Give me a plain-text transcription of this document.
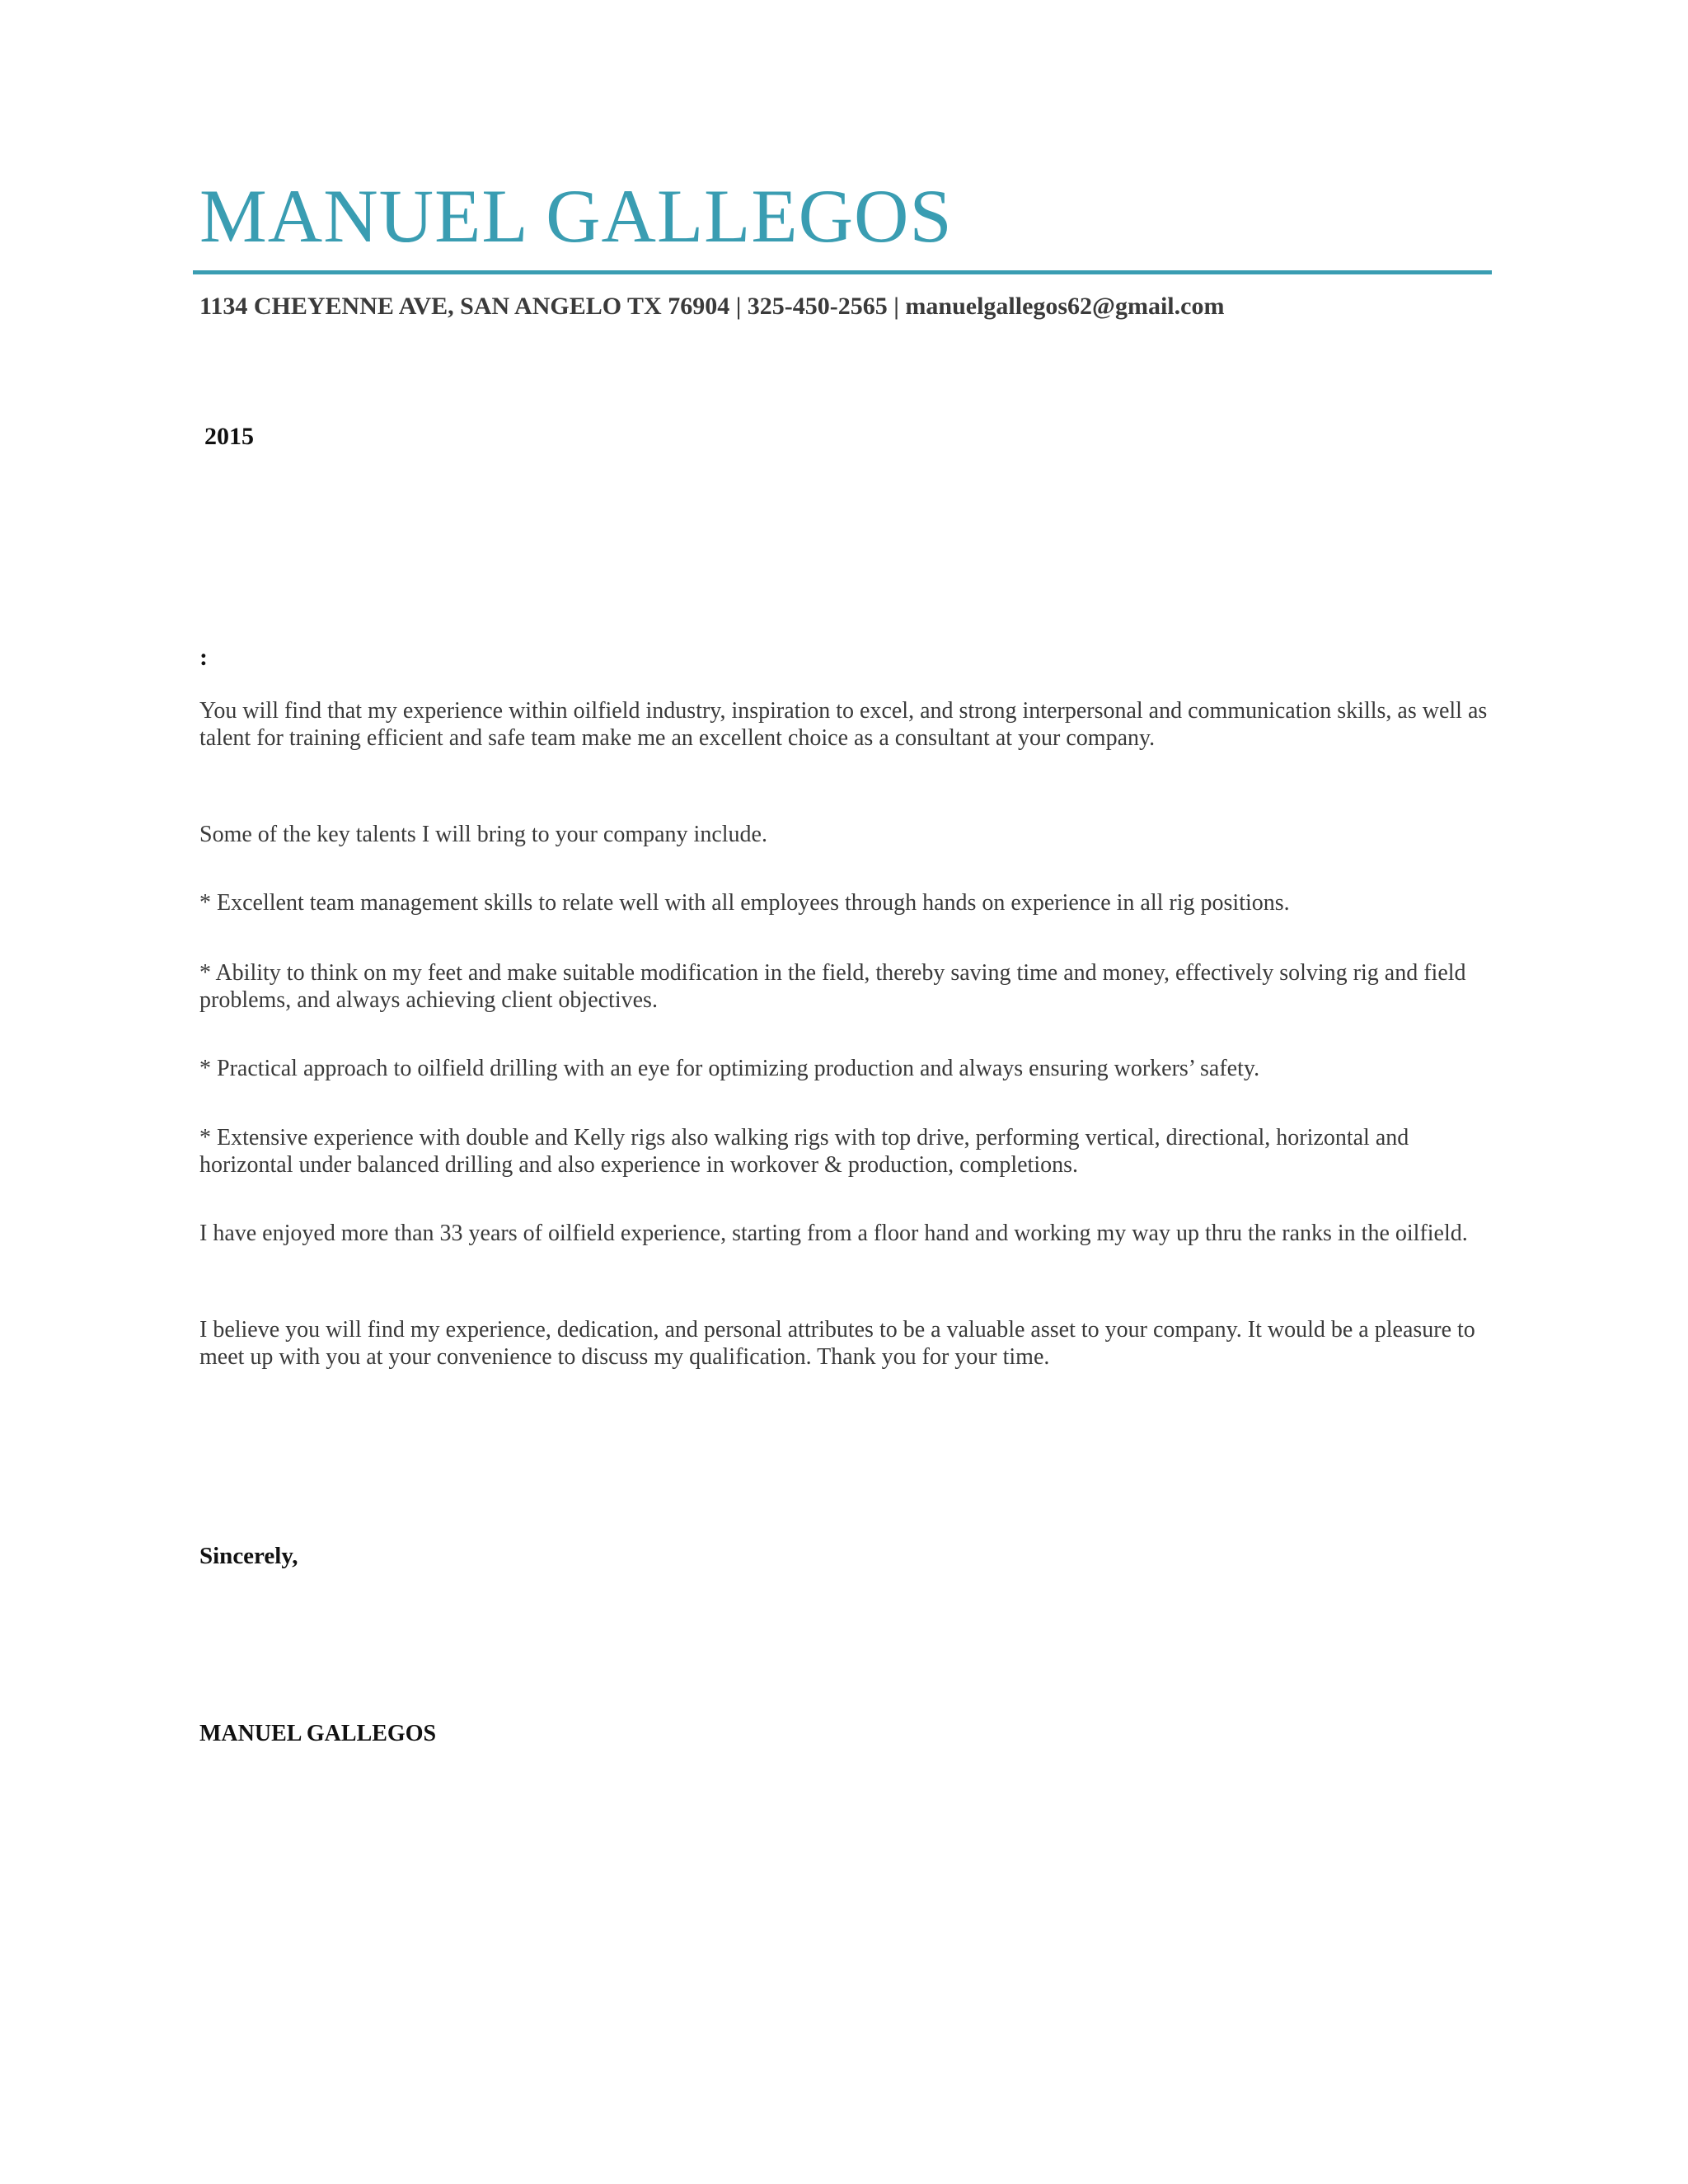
MANUEL GALLEGOS
1134 CHEYENNE AVE, SAN ANGELO TX 76904 | 325-450-2565 | manuelgallegos62@gmail.com
2015
:
You will find that my experience within oilfield industry, inspiration to excel, and strong interpersonal and communication skills, as well as talent for training efficient and safe team make me an excellent choice as a consultant at your company.
Some of the key talents I will bring to your company include.
* Excellent team management skills to relate well with all employees through hands on experience in all rig positions.
* Ability to think on my feet and make suitable modification in the field, thereby saving time and money, effectively solving rig and field problems, and always achieving client objectives.
* Practical approach to oilfield drilling with an eye for optimizing production and always ensuring workers’ safety.
* Extensive experience with double and Kelly rigs also walking rigs with top drive, performing vertical, directional, horizontal and horizontal under balanced drilling and also experience in workover & production, completions.
I have enjoyed more than 33 years of oilfield experience, starting from a floor hand and working my way up thru the ranks in the oilfield.
I believe you will find my experience, dedication, and personal attributes to be a valuable asset to your company. It would be a pleasure to meet up with you at your convenience to discuss my qualification. Thank you for your time.
Sincerely,
MANUEL GALLEGOS
